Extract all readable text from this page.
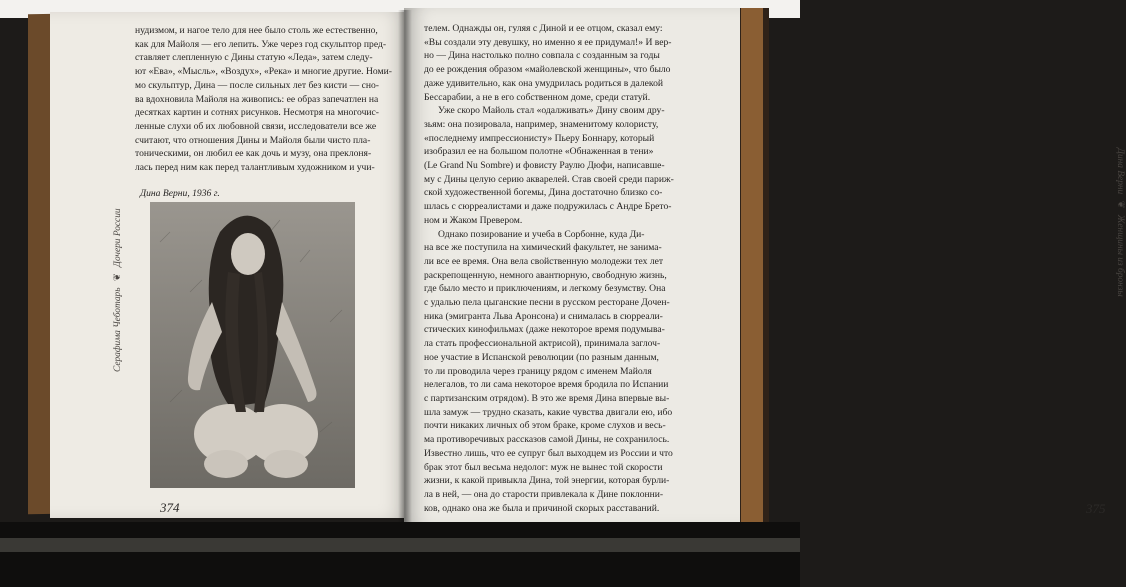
нудизмом, и нагое тело для нее было столь же естественно,

как для Майоля — его лепить. Уже через год скульптор пред-

ставляет слепленную с Дины статую «Леда», затем следу-

ют «Ева», «Мысль», «Воздух», «Река» и многие другие. Номи-

мо скульптур, Дина — после сильных лет без кисти — сно-

ва вдохновила Майоля на живопись: ее образ запечатлен на

десятках картин и сотнях рисунков. Несмотря на многочис-

ленные слухи об их любовной связи, исследователи все же

считают, что отношения Дины и Майоля были чисто пла-

тоническими, он любил ее как дочь и музу, она преклоня-

лась перед ним как перед талантливым художником и учи-

Дина Верни, 1936 г.
Серафима Чеботарь ❦ Дочери России
374

телем. Однажды он, гуляя с Диной и ее отцом, сказал ему:

«Вы создали эту девушку, но именно я ее придумал!» И вер-

но — Дина настолько полно совпала с созданным за годы

до ее рождения образом «майолевской женщины», что было

даже удивительно, как она умудрилась родиться в далекой

Бессарабии, а не в его собственном доме, среди статуй.

Уже скоро Майоль стал «одалживать» Дину своим дру-

зьям: она позировала, например, знаменитому колористу,

«последнему импрессионисту» Пьеру Боннару, который

изобразил ее на большом полотне «Обнаженная в тени»

(Le Grand Nu Sombre) и фовисту Раулю Дюфи, написавше-

му с Дины целую серию акварелей. Став своей среди париж-

ской художественной богемы, Дина достаточно близко со-

шлась с сюрреалистами и даже подружилась с Андре Брето-

ном и Жаком Превером.

Однако позирование и учеба в Сорбонне, куда Ди-

на все же поступила на химический факультет, не занима-

ли все ее время. Она вела свойственную молодежи тех лет

раскрепощенную, немного авантюрную, свободную жизнь,

где было место и приключениям, и легкому безумству. Она

с удалью пела цыганские песни в русском ресторане Дочен-

ника (эмигранта Льва Аронсона) и снималась в сюрреали-

стических кинофильмах (даже некоторое время подумыва-

ла стать профессиональной актрисой), принимала заглоч-

ное участие в Испанской революции (по разным данным,

то ли проводила через границу рядом с именем Майоля

нелегалов, то ли сама некоторое время бродила по Испании

с партизанским отрядом). В это же время Дина впервые вы-

шла замуж — трудно сказать, какие чувства двигали ею, ибо

почти никаких личных об этом браке, кроме слухов и весь-

ма противоречивых рассказов самой Дины, не сохранилось.

Известно лишь, что ее супруг был выходцем из России и что

брак этот был весьма недолог: муж не вынес той скорости

жизни, к какой привыкла Дина, той энергии, которая бурли-

ла в ней, — она до старости привлекала к Дине поклонни-

ков, однако она же была и причиной скорых расставаний.

Дина Верни ❦ Женщины из бронзы
375
